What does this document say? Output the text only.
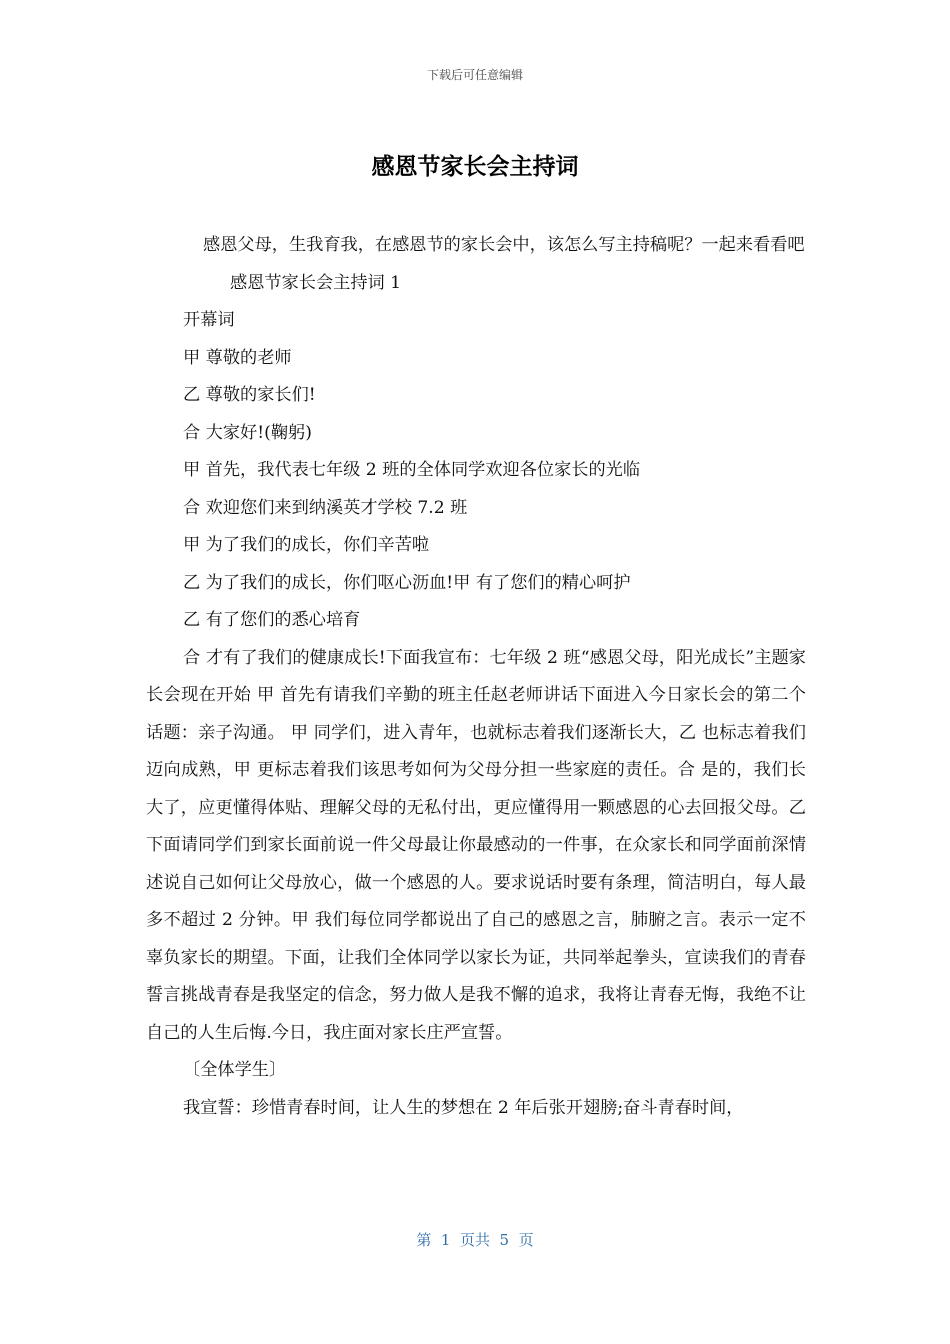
下载后可任意编辑
感恩节家长会主持词

感恩父母，生我育我，在感恩节的家长会中，该怎么写主持稿呢？一起来看看吧

感恩节家长会主持词 1

开幕词

甲 尊敬的老师

乙 尊敬的家长们!

合 大家好!(鞠躬)

甲 首先，我代表七年级 2 班的全体同学欢迎各位家长的光临

合 欢迎您们来到纳溪英才学校 7.2 班

甲 为了我们的成长，你们辛苦啦

乙 为了我们的成长，你们呕心沥血!甲 有了您们的精心呵护

乙 有了您们的悉心培育

合 才有了我们的健康成长!下面我宣布：七年级 2 班“感恩父母，阳光成长”主题家长会现在开始 甲 首先有请我们辛勤的班主任赵老师讲话下面进入今日家长会的第二个话题：亲子沟通。 甲 同学们，进入青年，也就标志着我们逐渐长大，乙 也标志着我们迈向成熟，甲 更标志着我们该思考如何为父母分担一些家庭的责任。合 是的，我们长大了，应更懂得体贴、理解父母的无私付出，更应懂得用一颗感恩的心去回报父母。乙 下面请同学们到家长面前说一件父母最让你最感动的一件事，在众家长和同学面前深情述说自己如何让父母放心，做一个感恩的人。要求说话时要有条理，简洁明白，每人最多不超过 2 分钟。甲 我们每位同学都说出了自己的感恩之言，肺腑之言。表示一定不辜负家长的期望。下面，让我们全体同学以家长为证，共同举起拳头，宣读我们的青春誓言挑战青春是我坚定的信念，努力做人是我不懈的追求，我将让青春无悔，我绝不让自己的人生后悔.今日，我庄面对家长庄严宣誓。

〔全体学生〕

我宣誓：珍惜青春时间，让人生的梦想在 2 年后张开翅膀;奋斗青春时间，

第  1  页共  5  页
